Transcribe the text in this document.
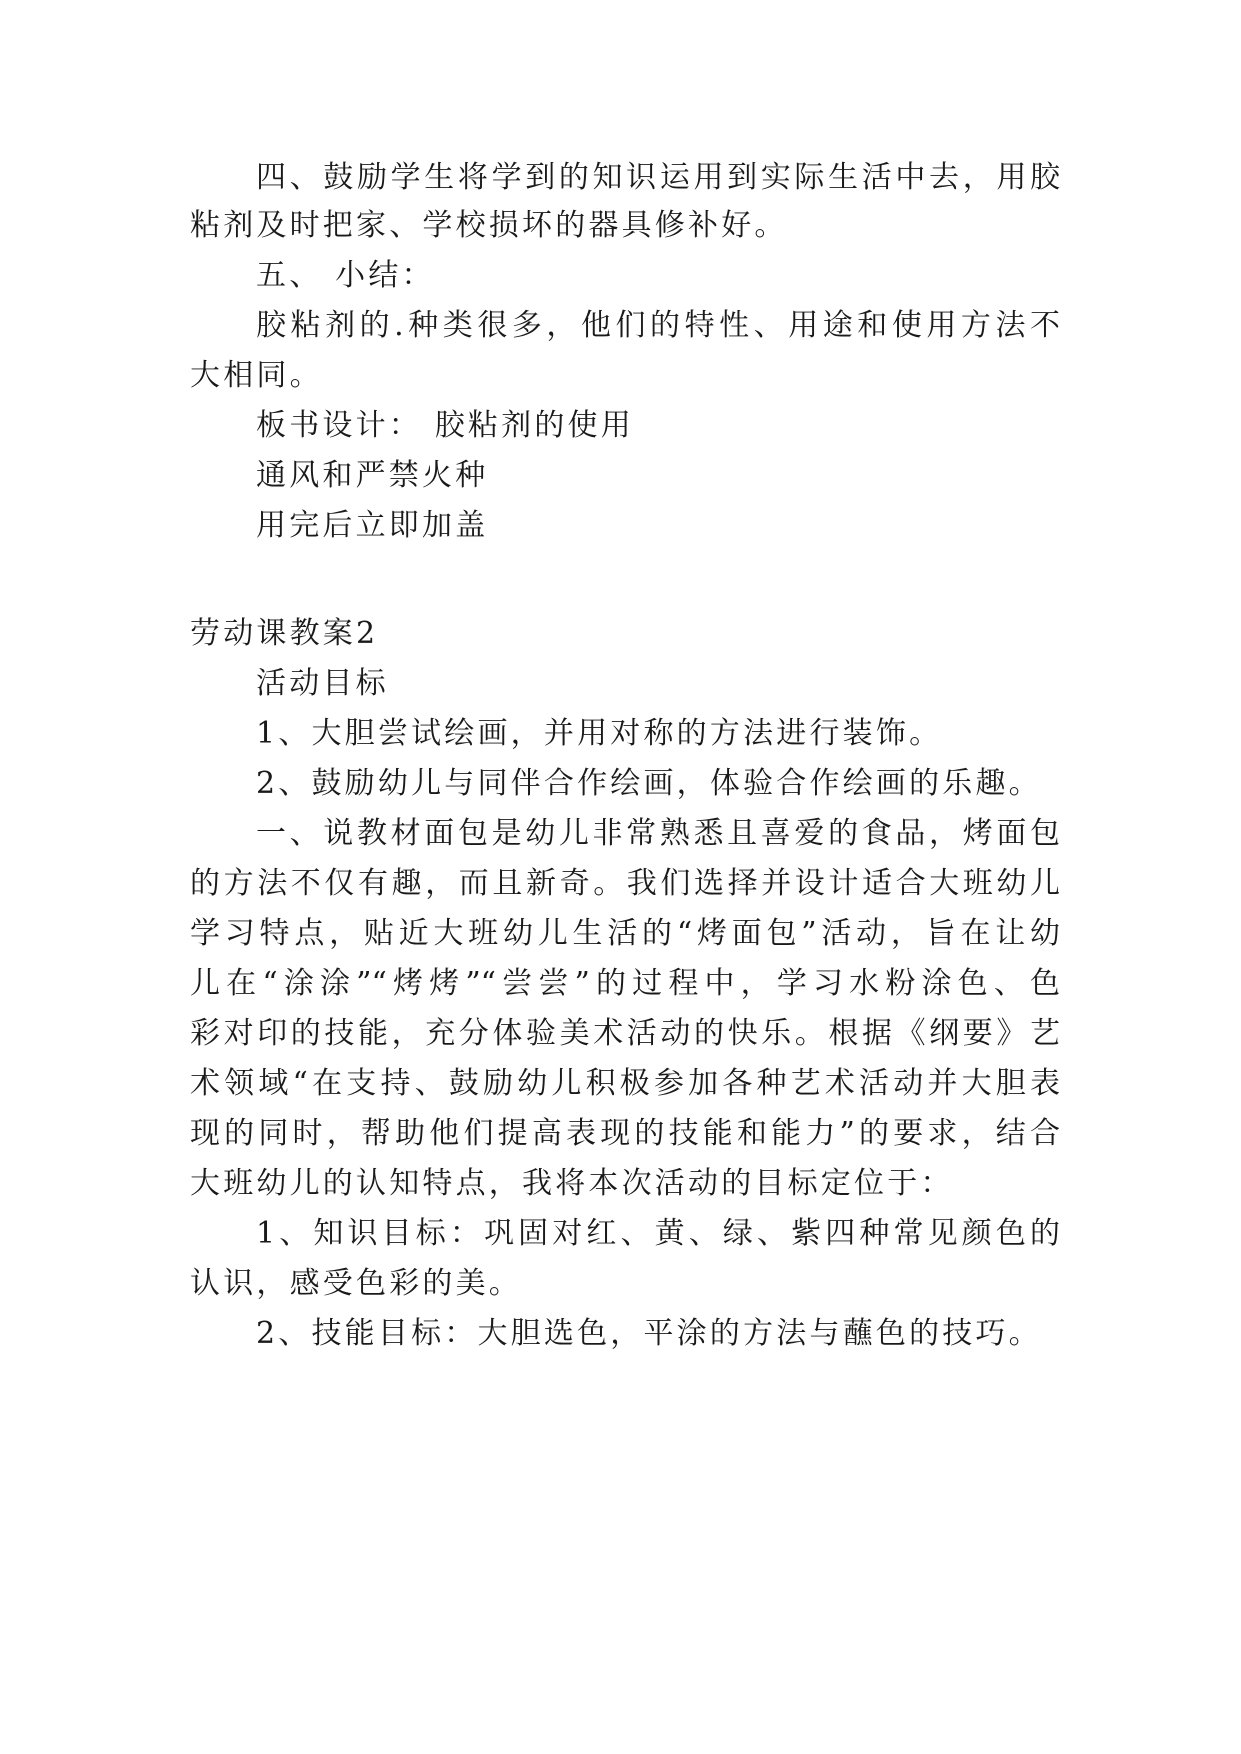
四、鼓励学生将学到的知识运用到实际生活中去，用胶
粘剂及时把家、学校损坏的器具修补好。
五、 小结：
胶粘剂的.种类很多，他们的特性、用途和使用方法不
大相同。
板书设计： 胶粘剂的使用
通风和严禁火种
用完后立即加盖
劳动课教案2
活动目标
1、大胆尝试绘画，并用对称的方法进行装饰。
2、鼓励幼儿与同伴合作绘画，体验合作绘画的乐趣。
一、说教材面包是幼儿非常熟悉且喜爱的食品，烤面包
的方法不仅有趣，而且新奇。我们选择并设计适合大班幼儿
学习特点，贴近大班幼儿生活的“烤面包”活动，旨在让幼
儿在“涂涂”“烤烤”“尝尝”的过程中，学习水粉涂色、色
彩对印的技能，充分体验美术活动的快乐。根据《纲要》艺
术领域“在支持、鼓励幼儿积极参加各种艺术活动并大胆表
现的同时，帮助他们提高表现的技能和能力”的要求，结合
大班幼儿的认知特点，我将本次活动的目标定位于：
1、知识目标：巩固对红、黄、绿、紫四种常见颜色的
认识，感受色彩的美。
2、技能目标：大胆选色，平涂的方法与蘸色的技巧。
